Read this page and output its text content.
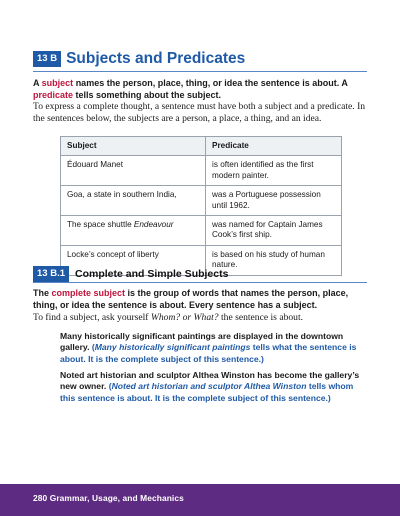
13 B Subjects and Predicates
A subject names the person, place, thing, or idea the sentence is about. A predicate tells something about the subject.
To express a complete thought, a sentence must have both a subject and a predicate. In the sentences below, the subjects are a person, a place, a thing, and an idea.
Subject	Predicate
Édouard Manet	is often identified as the first modern painter.
Goa, a state in southern India,	was a Portuguese possession until 1962.
The space shuttle Endeavour	was named for Captain James Cook’s first ship.
Locke’s concept of liberty	is based on his study of human nature.
13 B.1 Complete and Simple Subjects
The complete subject is the group of words that names the person, place, thing, or idea the sentence is about. Every sentence has a subject.
To find a subject, ask yourself Whom? or What? the sentence is about.
Many historically significant paintings are displayed in the downtown gallery. (Many historically significant paintings tells what the sentence is about. It is the complete subject of this sentence.)
Noted art historian and sculptor Althea Winston has become the gallery’s new owner. (Noted art historian and sculptor Althea Winston tells whom this sentence is about. It is the complete subject of this sentence.)
280 Grammar, Usage, and Mechanics
